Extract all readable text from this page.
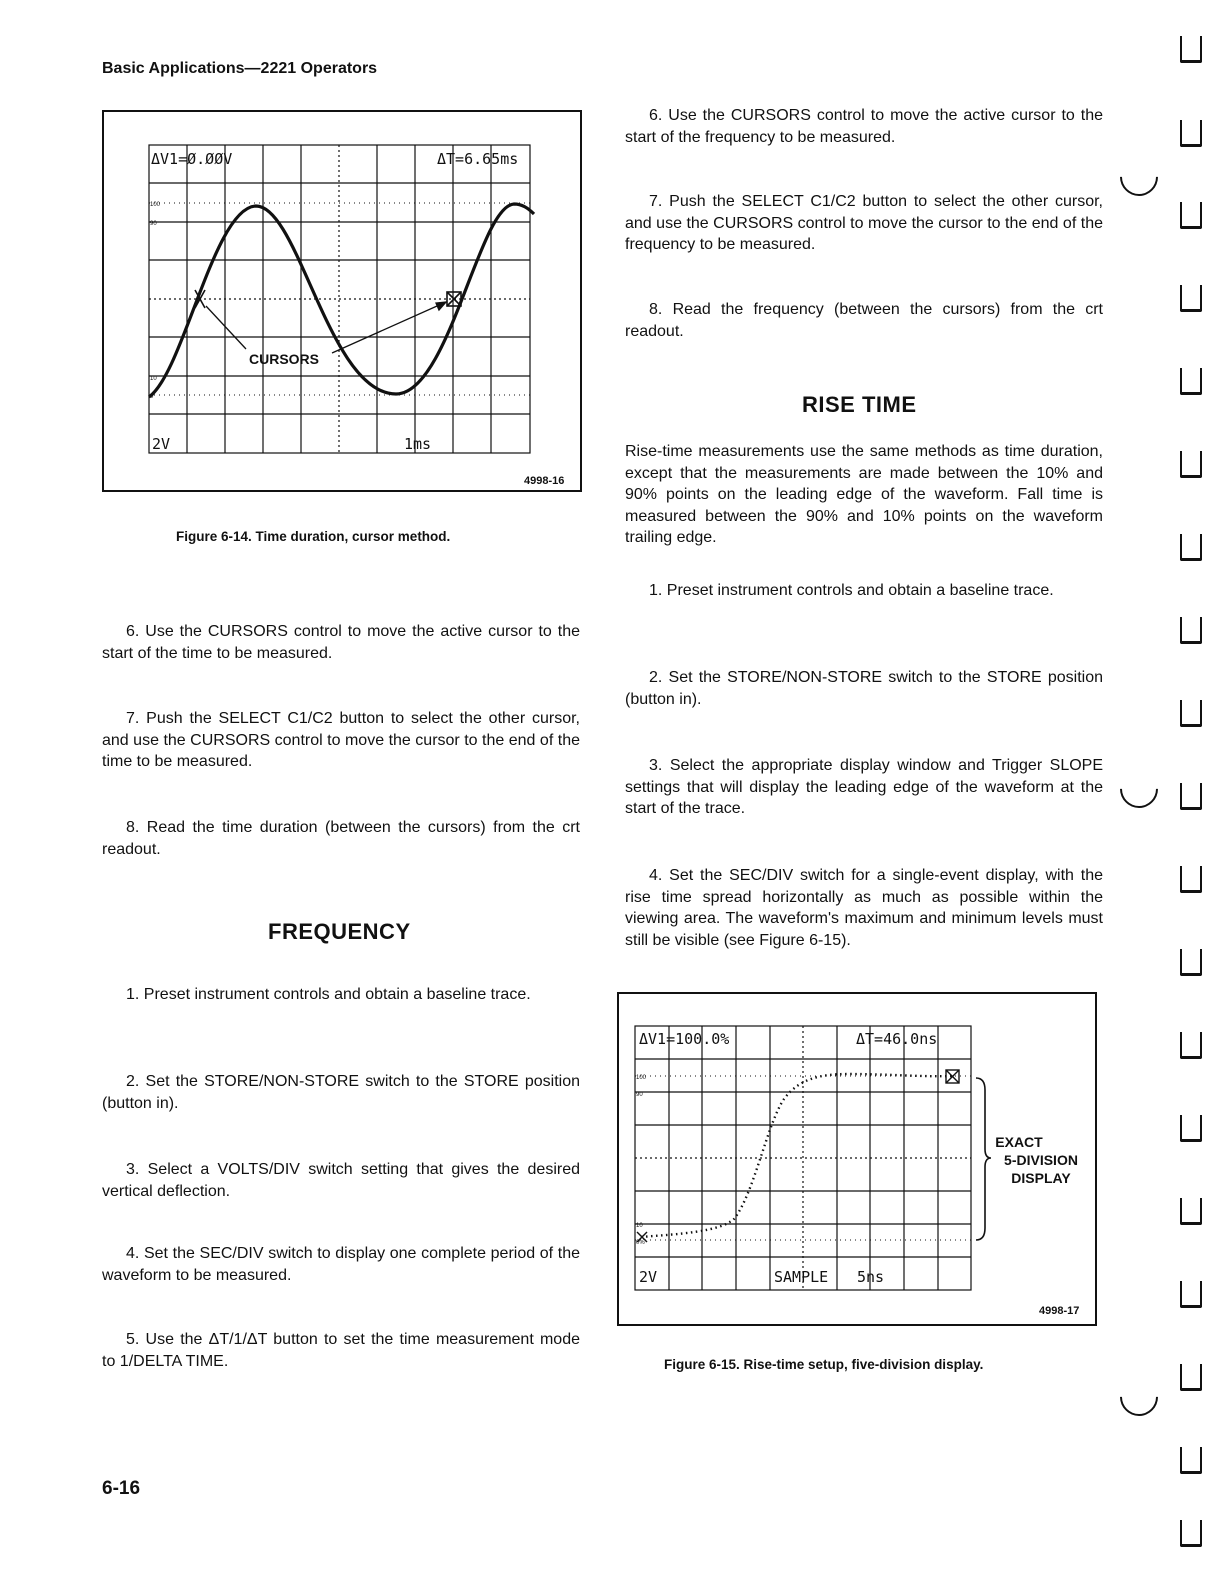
Basic Applications—2221 Operators
CURSORS
ΔV1=Ø.ØØV	ΔT=6.65ms
2V	1ms
100
90
10
0
4998-16
Figure 6-14. Time duration, cursor method.
6. Use the CURSORS control to move the active cursor to the start of the time to be measured.
7. Push the SELECT C1/C2 button to select the other cursor, and use the CURSORS control to move the cursor to the end of the time to be measured.
8. Read the time duration (between the cursors) from the crt readout.
FREQUENCY
1. Preset instrument controls and obtain a baseline trace.
2. Set the STORE/NON-STORE switch to the STORE position (button in).
3. Select a VOLTS/DIV switch setting that gives the desired vertical deflection.
4. Set the SEC/DIV switch to display one complete period of the waveform to be measured.
5. Use the ΔT/1/ΔT button to set the time measurement mode to 1/DELTA TIME.
6. Use the CURSORS control to move the active cursor to the start of the frequency to be measured.
7. Push the SELECT C1/C2 button to select the other cursor, and use the CURSORS control to move the cursor to the end of the frequency to be measured.
8. Read the frequency (between the cursors) from the crt readout.
RISE TIME
Rise-time measurements use the same methods as time duration, except that the measurements are made between the 10% and 90% points on the leading edge of the waveform. Fall time is measured between the 90% and 10% points on the waveform trailing edge.
1. Preset instrument controls and obtain a baseline trace.
2. Set the STORE/NON-STORE switch to the STORE position (button in).
3. Select the appropriate display window and Trigger SLOPE settings that will display the leading edge of the waveform at the start of the trace.
4. Set the SEC/DIV switch for a single-event display, with the rise time spread horizontally as much as possible within the viewing area. The waveform's maximum and minimum levels must still be visible (see Figure 6-15).
EXACT
5-DIVISION
DISPLAY
ΔV1=100.0%	ΔT=46.0ns
2V	SAMPLE 5ns
100
90
10
0%
4998-17
Figure 6-15. Rise-time setup, five-division display.
6-16
